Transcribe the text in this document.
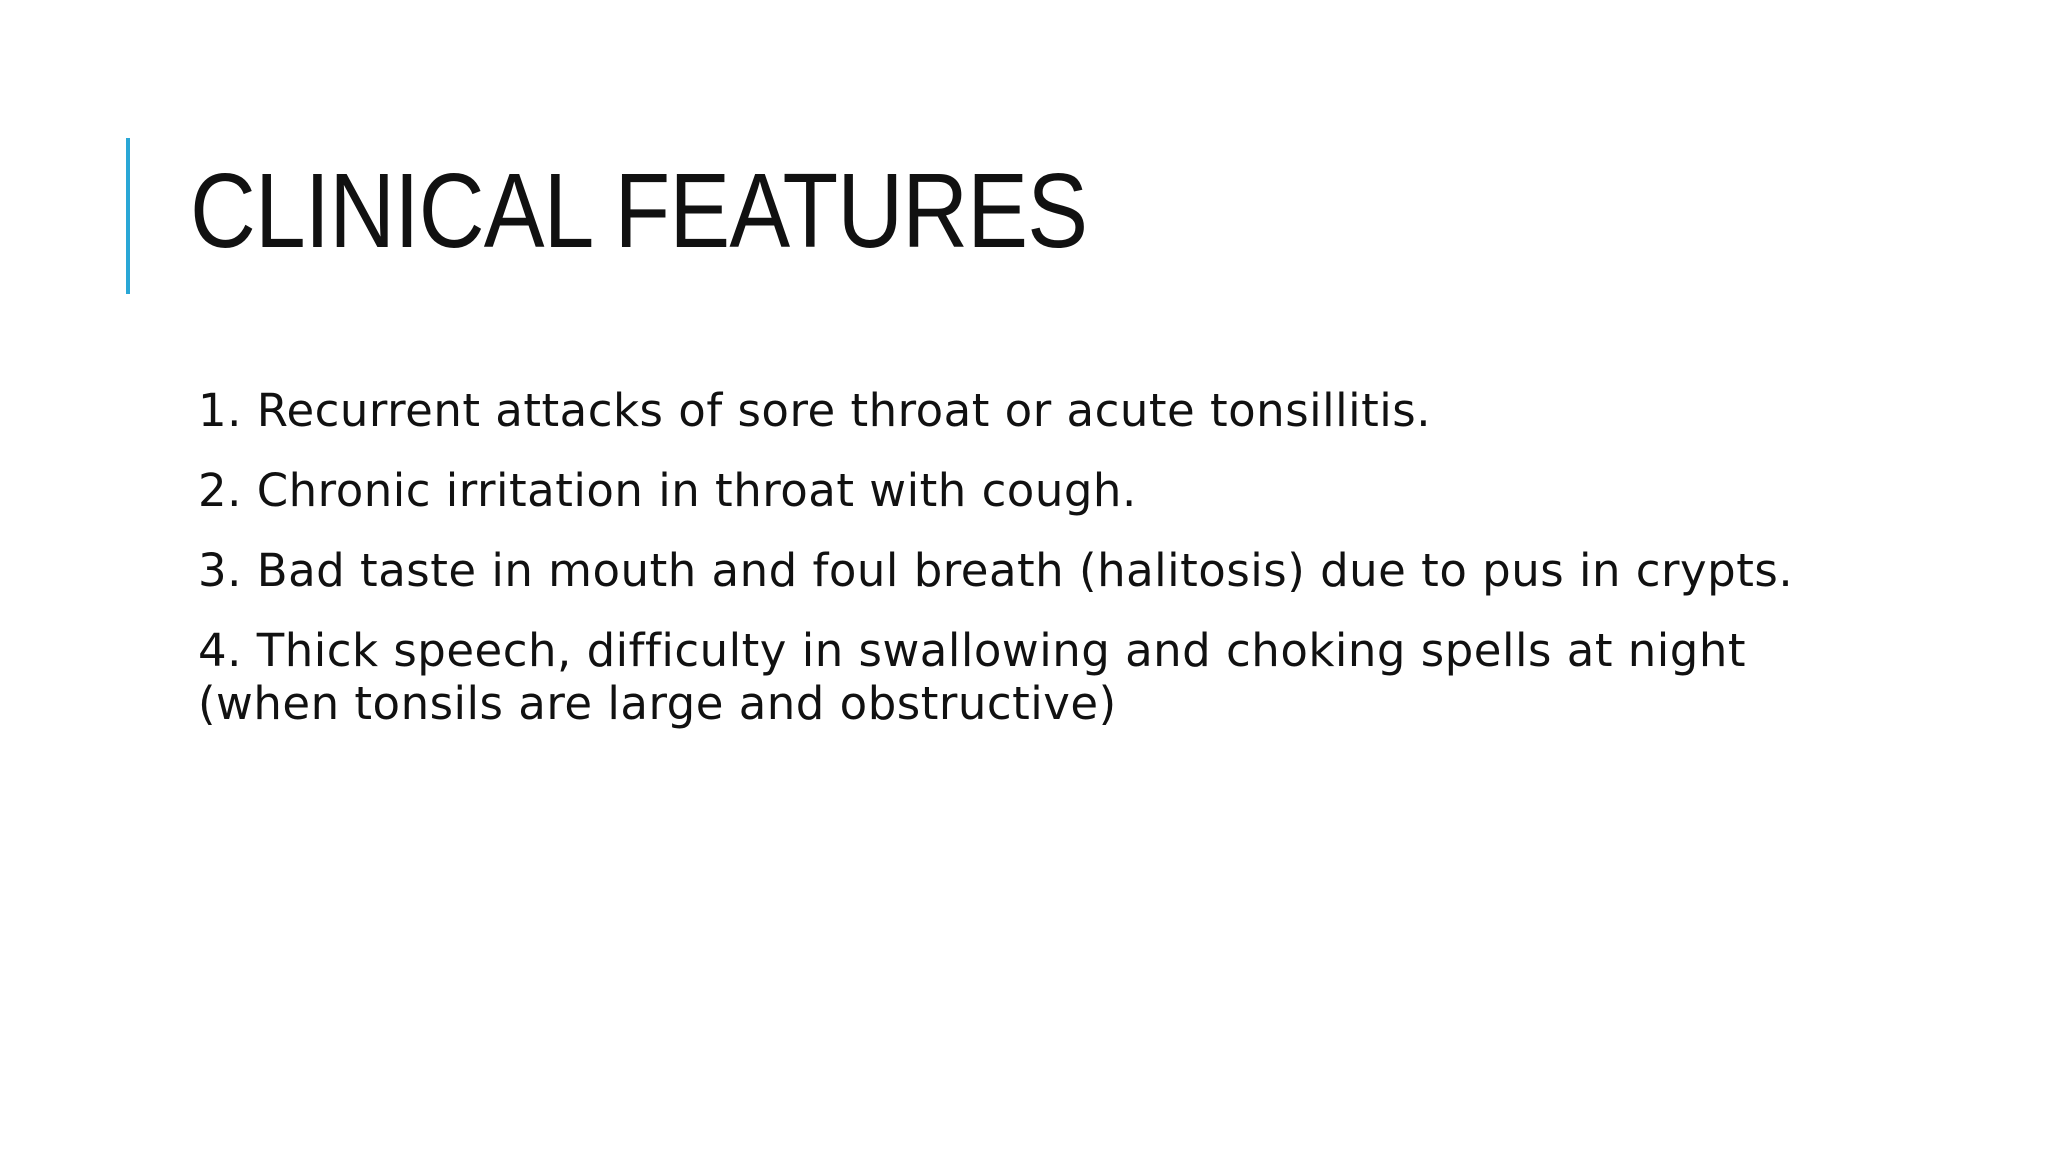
CLINICAL FEATURES
1. Recurrent attacks of sore throat or acute tonsillitis.
2. Chronic irritation in throat with cough.
3. Bad taste in mouth and foul breath (halitosis) due to pus in crypts.
4. Thick speech, difficulty in swallowing and choking spells at night (when tonsils are large and obstructive)
